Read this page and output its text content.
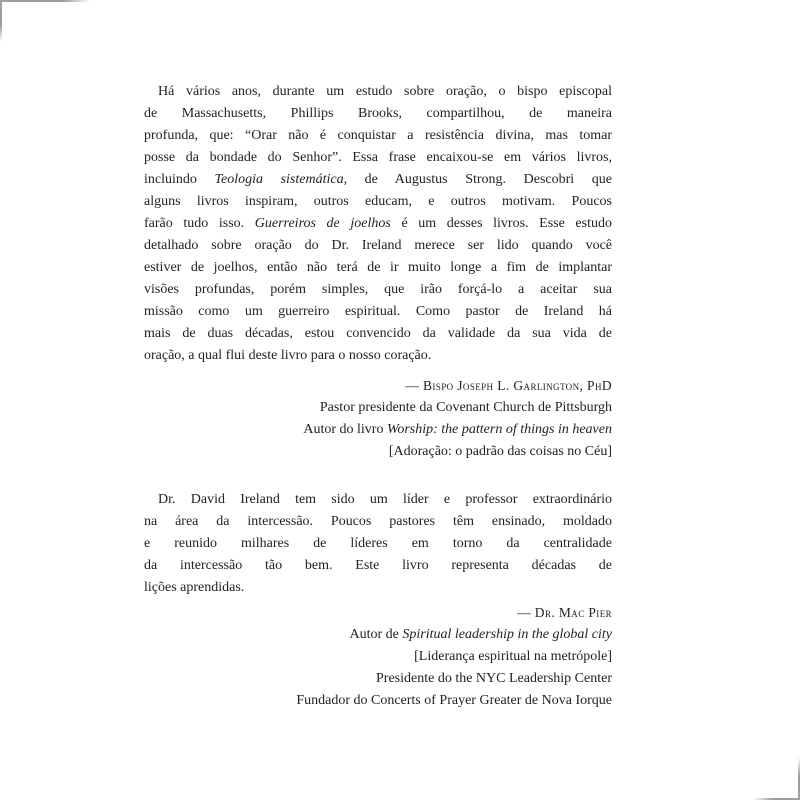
Há vários anos, durante um estudo sobre oração, o bispo episcopal
de Massachusetts, Phillips Brooks, compartilhou, de maneira
profunda, que: “Orar não é conquistar a resistência divina, mas tomar
posse da bondade do Senhor”. Essa frase encaixou-se em vários livros,
incluindo Teologia sistemática, de Augustus Strong. Descobri que
alguns livros inspiram, outros educam, e outros motivam. Poucos
farão tudo isso. Guerreiros de joelhos é um desses livros. Esse estudo
detalhado sobre oração do Dr. Ireland merece ser lido quando você
estiver de joelhos, então não terá de ir muito longe a fim de implantar
visões profundas, porém simples, que irão forçá-lo a aceitar sua
missão como um guerreiro espiritual. Como pastor de Ireland há
mais de duas décadas, estou convencido da validade da sua vida de
oração, a qual flui deste livro para o nosso coração.
— Bispo Joseph L. Garlington, PhD
Pastor presidente da Covenant Church de Pittsburgh
Autor do livro Worship: the pattern of things in heaven
[Adoração: o padrão das coisas no Céu]
Dr. David Ireland tem sido um líder e professor extraordinário
na área da intercessão. Poucos pastores têm ensinado, moldado
e reunido milhares de líderes em torno da centralidade
da intercessão tão bem. Este livro representa décadas de
lições aprendidas.
— Dr. Mac Pier
Autor de Spiritual leadership in the global city
[Liderança espiritual na metrópole]
Presidente do the NYC Leadership Center
Fundador do Concerts of Prayer Greater de Nova Iorque
